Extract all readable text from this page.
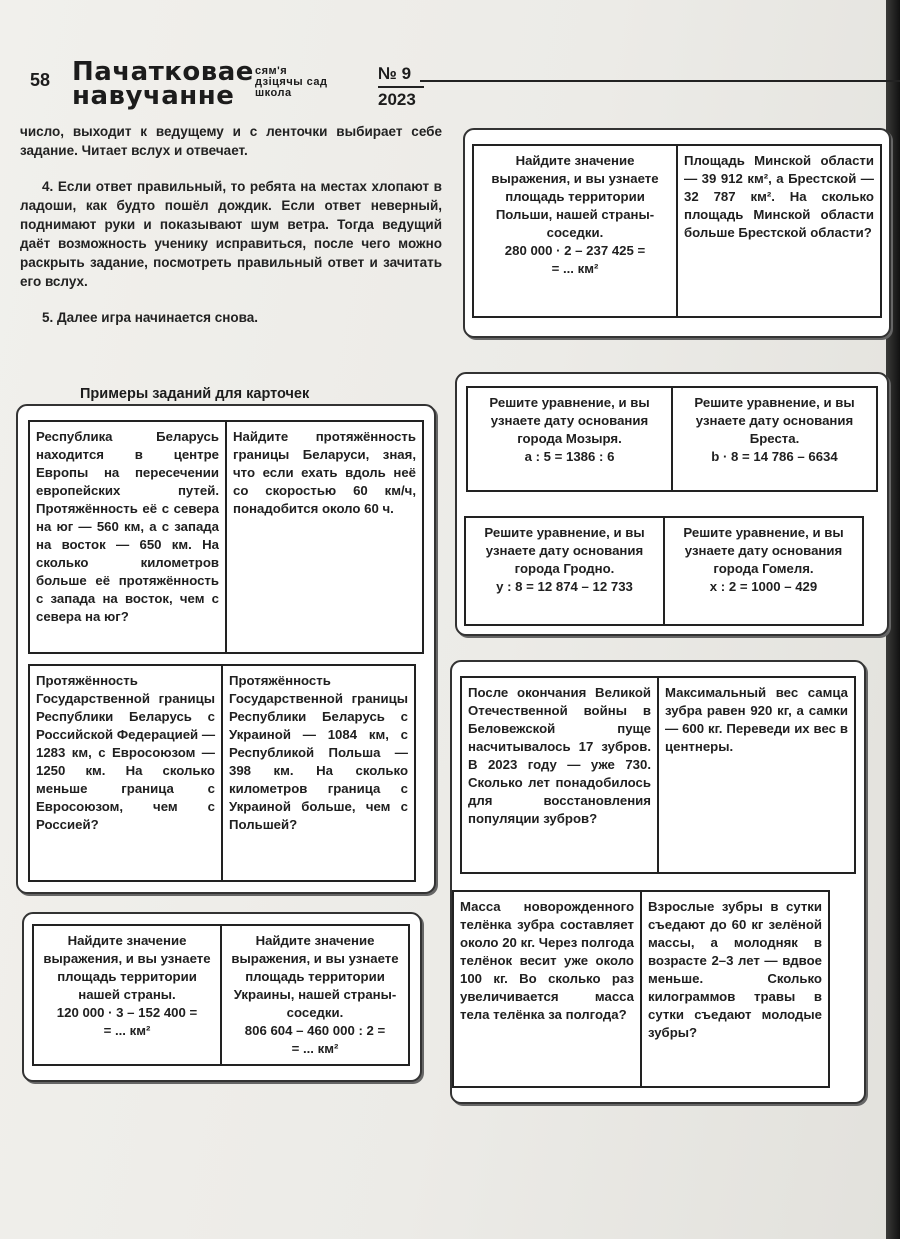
58 Пачатковае
навучанне
сям'я
дзіцячы сад
школа
№ 9
2023

число, выходит к ведущему и с ленточки выбирает себе задание. Читает вслух и отвечает.

4. Если ответ правильный, то ребята на местах хлопают в ладоши, как будто пошёл дождик. Если ответ неверный, поднимают руки и показывают шум ветра. Тогда ведущий даёт возможность ученику исправиться, после чего можно раскрыть задание, посмотреть правильный ответ и зачитать его вслух.

5. Далее игра начинается снова.

Примеры заданий для карточек
Найдите значение выражения, и вы узнаете площадь территории Польши, нашей страны-соседки.
280 000 · 2 – 237 425 =
= ... км²
Площадь Минской области — 39 912 км², а Брестской — 32 787 км². На сколько площадь Минской области больше Брестской области?
Решите уравнение, и вы узнаете дату основания города Мозыря.
a : 5 = 1386 : 6
Решите уравнение, и вы узнаете дату основания Бреста.
b · 8 = 14 786 – 6634
Решите уравнение, и вы узнаете дату основания города Гродно.
y : 8 = 12 874 – 12 733
Решите уравнение, и вы узнаете дату основания города Гомеля.
x : 2 = 1000 – 429
Республика Беларусь находится в центре Европы на пересечении европейских путей. Протяжённость её с севера на юг — 560 км, а с запада на восток — 650 км. На сколько километров больше её протяжённость с запада на восток, чем с севера на юг?
Найдите протяжённость границы Беларуси, зная, что если ехать вдоль неё со скоростью 60 км/ч, понадобится около 60 ч.
Протяжённость Государственной границы Республики Беларусь с Российской Федерацией — 1283 км, с Евросоюзом — 1250 км. На сколько меньше граница с Евросоюзом, чем с Россией?
Протяжённость Государственной границы Республики Беларусь с Украиной — 1084 км, с Республикой Польша — 398 км. На сколько километров граница с Украиной больше, чем с Польшей?
После окончания Великой Отечественной войны в Беловежской пуще насчитывалось 17 зубров. В 2023 году — уже 730. Сколько лет понадобилось для восстановления популяции зубров?
Максимальный вес самца зубра равен 920 кг, а самки — 600 кг. Переведи их вес в центнеры.
Масса новорожденного телёнка зубра составляет около 20 кг. Через полгода телёнок весит уже около 100 кг. Во сколько раз увеличивается масса тела телёнка за полгода?
Взрослые зубры в сутки съедают до 60 кг зелёной массы, а молодняк в возрасте 2–3 лет — вдвое меньше. Сколько килограммов травы в сутки съедают молодые зубры?
Найдите значение выражения, и вы узнаете площадь территории нашей страны.
120 000 · 3 – 152 400 =
= ... км²
Найдите значение выражения, и вы узнаете площадь территории Украины, нашей страны-соседки.
806 604 – 460 000 : 2 =
= ... км²
